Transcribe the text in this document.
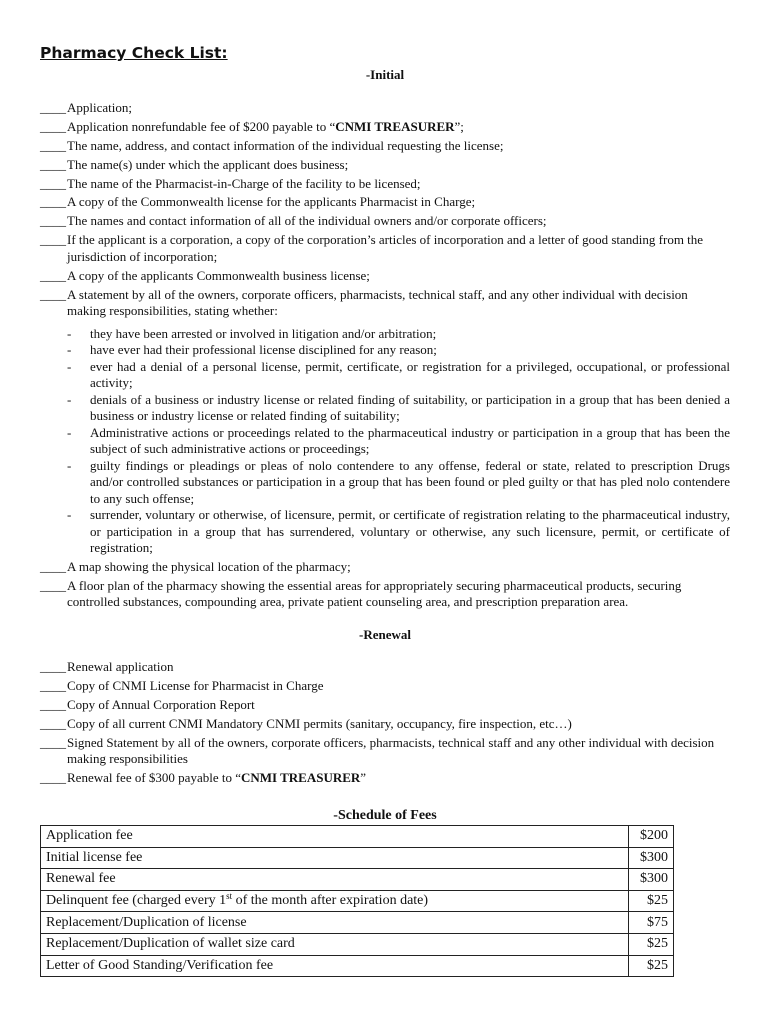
Pharmacy Check List:
-Initial
____Application;
____Application nonrefundable fee of $200 payable to “CNMI TREASURER”;
____The name, address, and contact information of the individual requesting the license;
____The name(s) under which the applicant does business;
____The name of the Pharmacist-in-Charge of the facility to be licensed;
____A copy of the Commonwealth license for the applicants Pharmacist in Charge;
____The names and contact information of all of the individual owners and/or corporate officers;
____If the applicant is a corporation, a copy of the corporation’s articles of incorporation and a letter of good standing from the jurisdiction of incorporation;
____A copy of the applicants Commonwealth business license;
____A statement by all of the owners, corporate officers, pharmacists, technical staff, and any other individual with decision making responsibilities, stating whether:
- they have been arrested or involved in litigation and/or arbitration;
- have ever had their professional license disciplined for any reason;
- ever had a denial of a personal license, permit, certificate, or registration for a privileged, occupational, or professional activity;
- denials of a business or industry license or related finding of suitability, or participation in a group that has been denied a business or industry license or related finding of suitability;
- Administrative actions or proceedings related to the pharmaceutical industry or participation in a group that has been the subject of such administrative actions or proceedings;
- guilty findings or pleadings or pleas of nolo contendere to any offense, federal or state, related to prescription Drugs and/or controlled substances or participation in a group that has been found or pled guilty or that has pled nolo contendere to any such offense;
- surrender, voluntary or otherwise, of licensure, permit, or certificate of registration relating to the pharmaceutical industry, or participation in a group that has surrendered, voluntary or otherwise, any such licensure, permit, or certificate of registration;
____A map showing the physical location of the pharmacy;
____A floor plan of the pharmacy showing the essential areas for appropriately securing pharmaceutical products, securing controlled substances, compounding area, private patient counseling area, and prescription preparation area.
-Renewal
____Renewal application
____Copy of CNMI License for Pharmacist in Charge
____Copy of Annual Corporation Report
____Copy of all current CNMI Mandatory CNMI permits (sanitary, occupancy, fire inspection, etc…)
____Signed Statement by all of the owners, corporate officers, pharmacists, technical staff and any other individual with decision making responsibilities
____Renewal fee of $300 payable to “CNMI TREASURER”
-Schedule of Fees
Application fee	$200
Initial license fee	$300
Renewal fee	$300
Delinquent fee (charged every 1st of the month after expiration date)	$25
Replacement/Duplication of license	$75
Replacement/Duplication of wallet size card	$25
Letter of Good Standing/Verification fee	$25
